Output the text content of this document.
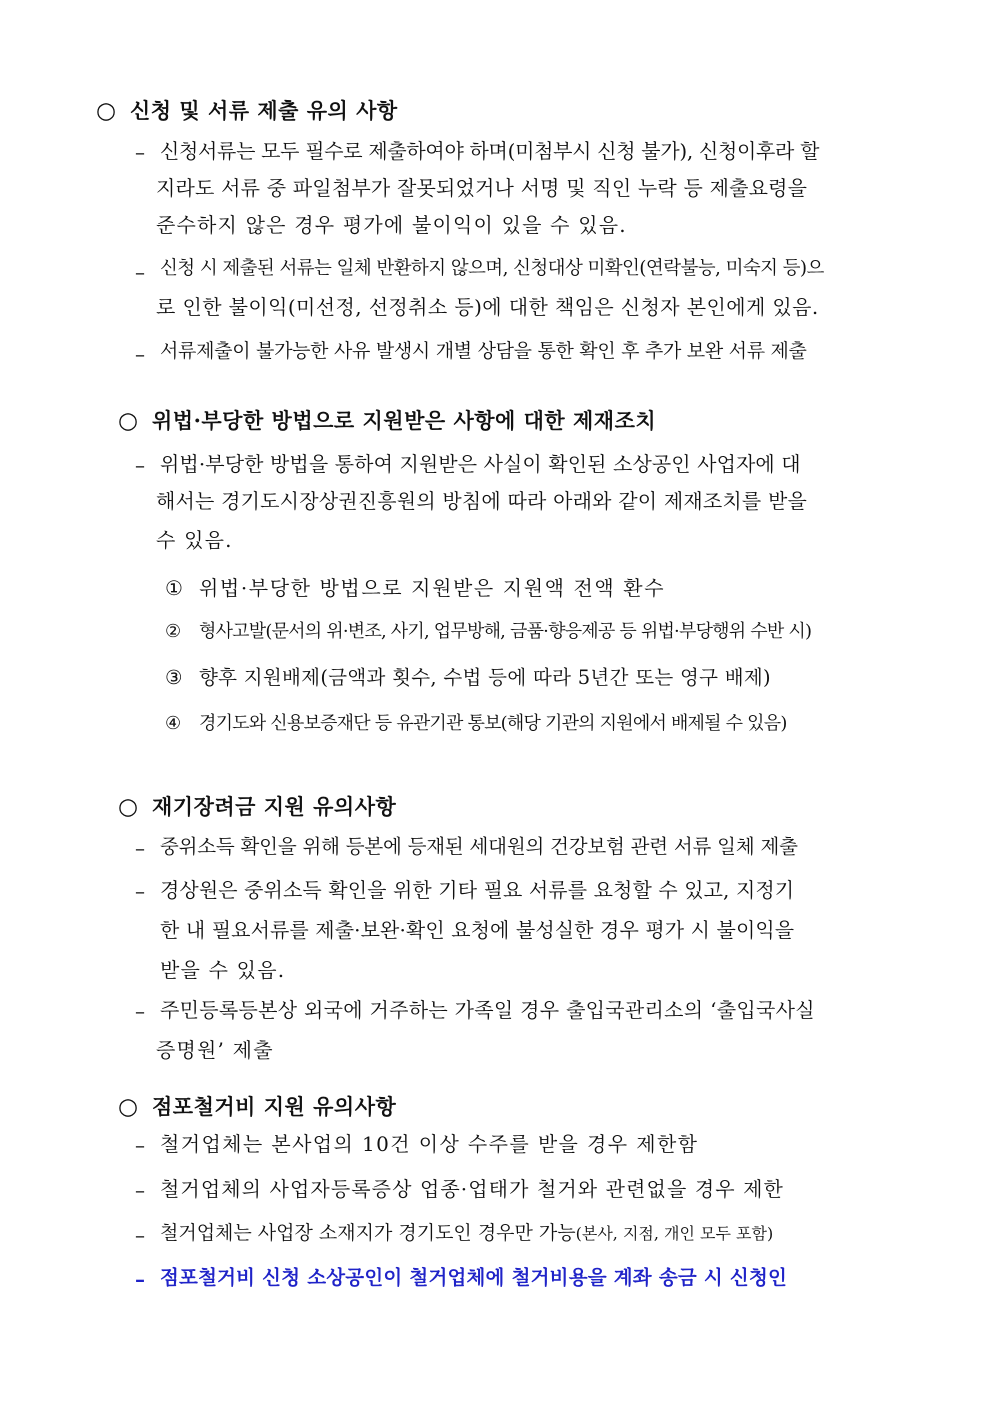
○ 신청 및 서류 제출 유의 사항
– 신청서류는 모두 필수로 제출하여야 하며(미첨부시 신청 불가), 신청이후라 할
지라도 서류 중 파일첨부가 잘못되었거나 서명 및 직인 누락 등 제출요령을
준수하지 않은 경우 평가에 불이익이 있을 수 있음.
– 신청 시 제출된 서류는 일체 반환하지 않으며, 신청대상 미확인(연락불능, 미숙지 등)으
로 인한 불이익(미선정, 선정취소 등)에 대한 책임은 신청자 본인에게 있음.
– 서류제출이 불가능한 사유 발생시 개별 상담을 통한 확인 후 추가 보완 서류 제출
○ 위법·부당한 방법으로 지원받은 사항에 대한 제재조치
– 위법·부당한 방법을 통하여 지원받은 사실이 확인된 소상공인 사업자에 대
해서는 경기도시장상권진흥원의 방침에 따라 아래와 같이 제재조치를 받을
수 있음.
① 위법·부당한 방법으로 지원받은 지원액 전액 환수
② 형사고발(문서의 위·변조, 사기, 업무방해, 금품·향응제공 등 위법·부당행위 수반 시)
③ 향후 지원배제(금액과 횟수, 수법 등에 따라 5년간 또는 영구 배제)
④ 경기도와 신용보증재단 등 유관기관 통보(해당 기관의 지원에서 배제될 수 있음)
○ 재기장려금 지원 유의사항
– 중위소득 확인을 위해 등본에 등재된 세대원의 건강보험 관련 서류 일체 제출
– 경상원은 중위소득 확인을 위한 기타 필요 서류를 요청할 수 있고, 지정기
한 내 필요서류를 제출·보완·확인 요청에 불성실한 경우 평가 시 불이익을
받을 수 있음.
– 주민등록등본상 외국에 거주하는 가족일 경우 출입국관리소의 ‘출입국사실
증명원’ 제출
○ 점포철거비 지원 유의사항
– 철거업체는 본사업의 10건 이상 수주를 받을 경우 제한함
– 철거업체의 사업자등록증상 업종·업태가 철거와 관련없을 경우 제한
– 철거업체는 사업장 소재지가 경기도인 경우만 가능(본사, 지점, 개인 모두 포함)
– 점포철거비 신청 소상공인이 철거업체에 철거비용을 계좌 송금 시 신청인
